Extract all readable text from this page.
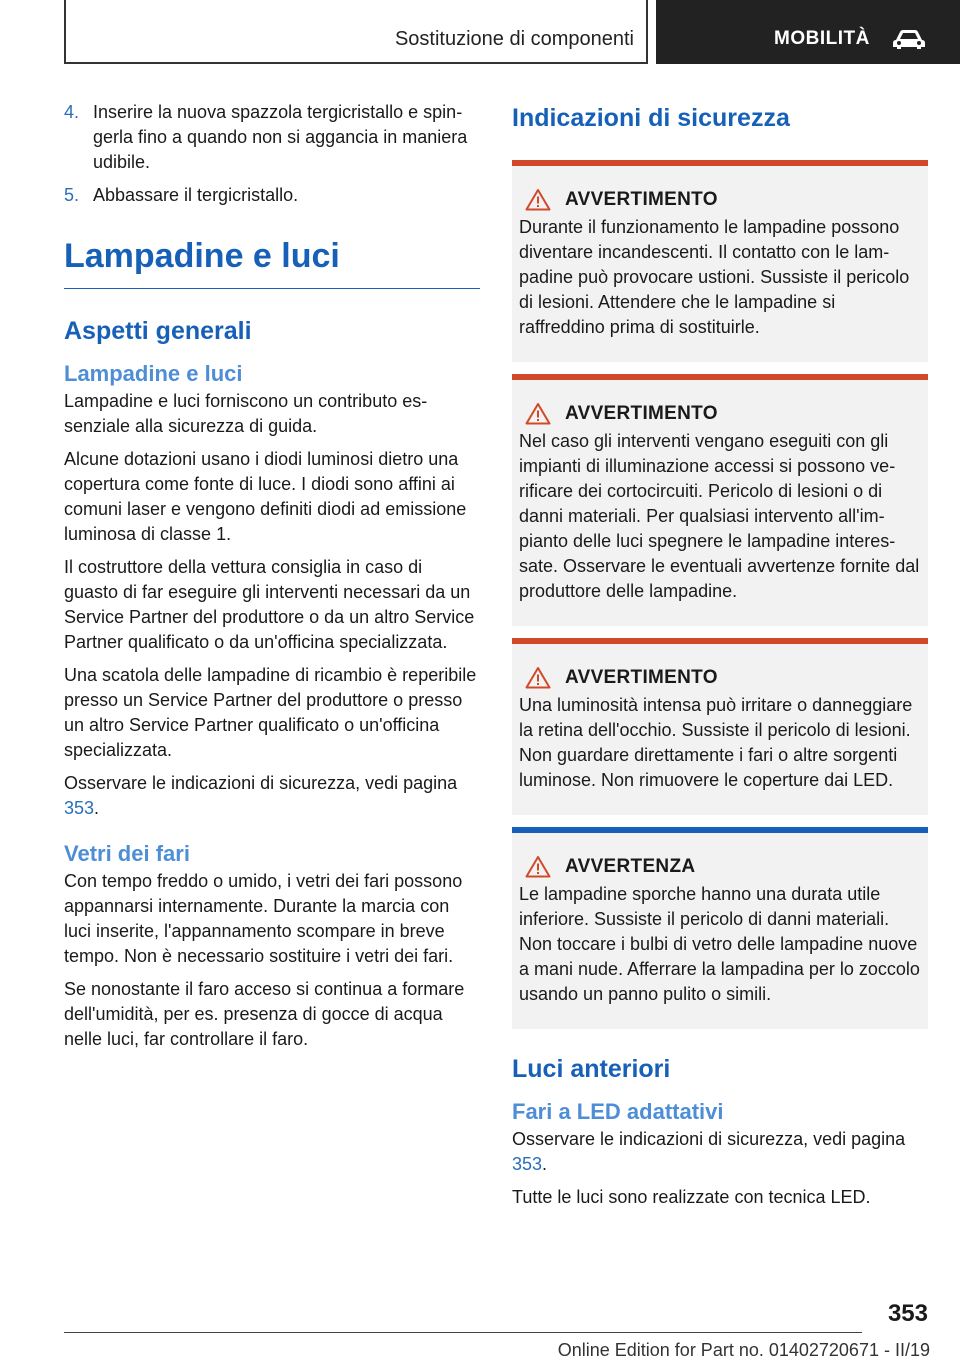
Sostituzione di componenti	MOBILITÀ
4. Inserire la nuova spazzola tergicristallo e spingerla fino a quando non si aggancia in maniera udibile.
5. Abbassare il tergicristallo.
Lampadine e luci
Aspetti generali
Lampadine e luci

Lampadine e luci forniscono un contributo essenziale alla sicurezza di guida.

Alcune dotazioni usano i diodi luminosi dietro una copertura come fonte di luce. I diodi sono affini ai comuni laser e vengono definiti diodi ad emissione luminosa di classe 1.

Il costruttore della vettura consiglia in caso di guasto di far eseguire gli interventi necessari da un Service Partner del produttore o da un altro Service Partner qualificato o da un'officina specializzata.

Una scatola delle lampadine di ricambio è reperibile presso un Service Partner del produttore o presso un altro Service Partner qualificato o un'officina specializzata.

Osservare le indicazioni di sicurezza, vedi pagina 353.

Vetri dei fari

Con tempo freddo o umido, i vetri dei fari possono appannarsi internamente. Durante la marcia con luci inserite, l'appannamento scompare in breve tempo. Non è necessario sostituire i vetri dei fari.

Se nonostante il faro acceso si continua a formare dell'umidità, per es. presenza di gocce di acqua nelle luci, far controllare il faro.

Indicazioni di sicurezza
AVVERTIMENTO
Durante il funzionamento le lampadine possono diventare incandescenti. Il contatto con le lampadine può provocare ustioni. Sussiste il pericolo di lesioni. Attendere che le lampadine si raffreddino prima di sostituirle.
AVVERTIMENTO
Nel caso gli interventi vengano eseguiti con gli impianti di illuminazione accessi si possono verificare dei cortocircuiti. Pericolo di lesioni o di danni materiali. Per qualsiasi intervento all'impianto delle luci spegnere le lampadine interessate. Osservare le eventuali avvertenze fornite dal produttore delle lampadine.
AVVERTIMENTO
Una luminosità intensa può irritare o danneggiare la retina dell'occhio. Sussiste il pericolo di lesioni. Non guardare direttamente i fari o altre sorgenti luminose. Non rimuovere le coperture dai LED.
AVVERTENZA
Le lampadine sporche hanno una durata utile inferiore. Sussiste il pericolo di danni materiali. Non toccare i bulbi di vetro delle lampadine nuove a mani nude. Afferrare la lampadina per lo zoccolo usando un panno pulito o simili.
Luci anteriori
Fari a LED adattativi

Osservare le indicazioni di sicurezza, vedi pagina 353.

Tutte le luci sono realizzate con tecnica LED.

353
Online Edition for Part no. 01402720671 - II/19
